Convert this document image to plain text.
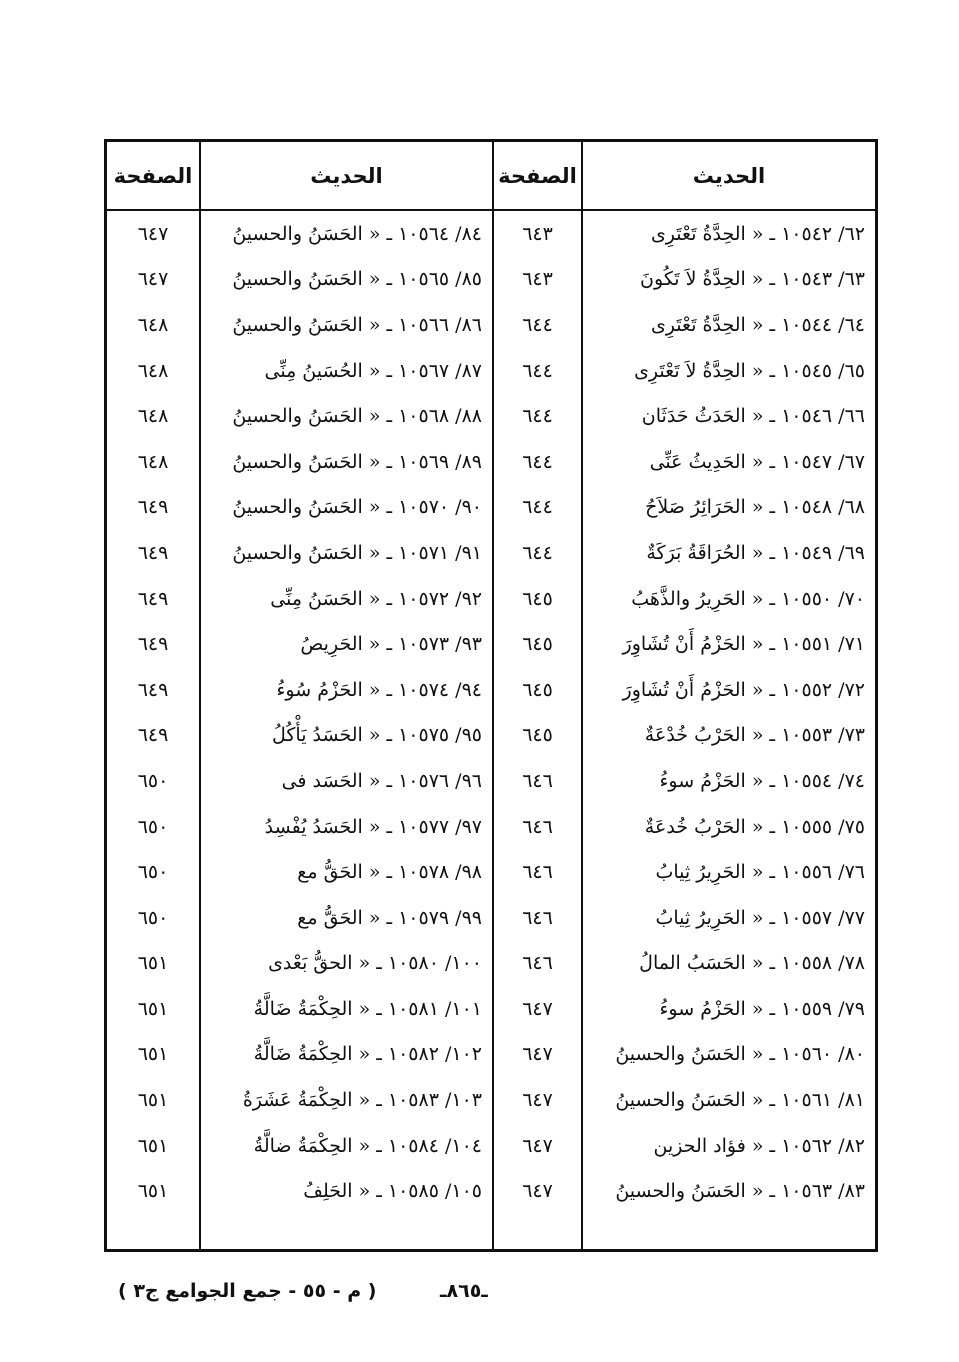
الحديث
الصفحة
الحديث
الصفحة
٦٢/ ١٠٥٤٢ ـ « الحِدَّةُ تَعْتَرِى
٦٤٣
٨٤/ ١٠٥٦٤ ـ « الحَسَنُ والحسينُ
٦٤٧
٦٣/ ١٠٥٤٣ ـ « الحِدَّةُ لاَ تَكُونَ
٦٤٣
٨٥/ ١٠٥٦٥ ـ « الحَسَنُ والحسينُ
٦٤٧
٦٤/ ١٠٥٤٤ ـ « الحِدَّةُ تَعْتَرِى
٦٤٤
٨٦/ ١٠٥٦٦ ـ « الحَسَنُ والحسينُ
٦٤٨
٦٥/ ١٠٥٤٥ ـ « الحِدَّةُ لاَ تَعْتَرِى
٦٤٤
٨٧/ ١٠٥٦٧ ـ « الحُسَينُ مِنِّى
٦٤٨
٦٦/ ١٠٥٤٦ ـ « الحَدَثُ حَدَثَان
٦٤٤
٨٨/ ١٠٥٦٨ ـ « الحَسَنُ والحسينُ
٦٤٨
٦٧/ ١٠٥٤٧ ـ « الحَدِيثُ عَنِّى
٦٤٤
٨٩/ ١٠٥٦٩ ـ « الحَسَنُ والحسينُ
٦٤٨
٦٨/ ١٠٥٤٨ ـ « الحَرَائِرُ صَلاَحُ
٦٤٤
٩٠/ ١٠٥٧٠ ـ « الحَسَنُ والحسينُ
٦٤٩
٦٩/ ١٠٥٤٩ ـ « الحُرَاقَةُ بَرَكَةٌ
٦٤٤
٩١/ ١٠٥٧١ ـ « الحَسَنُ والحسينُ
٦٤٩
٧٠/ ١٠٥٥٠ ـ « الحَرِيرُ والذَّهَبُ
٦٤٥
٩٢/ ١٠٥٧٢ ـ « الحَسَنُ مِنِّى
٦٤٩
٧١/ ١٠٥٥١ ـ « الحَزْمُ أَنْ تُشَاوِرَ
٦٤٥
٩٣/ ١٠٥٧٣ ـ « الحَرِيصُ
٦٤٩
٧٢/ ١٠٥٥٢ ـ « الحَزْمُ أَنْ تُشَاوِرَ
٦٤٥
٩٤/ ١٠٥٧٤ ـ « الحَزْمُ سُوءُ
٦٤٩
٧٣/ ١٠٥٥٣ ـ « الحَرْبُ خُدْعَةٌ
٦٤٥
٩٥/ ١٠٥٧٥ ـ « الحَسَدُ يَأْكُلُ
٦٤٩
٧٤/ ١٠٥٥٤ ـ « الحَزْمُ سوءُ
٦٤٦
٩٦/ ١٠٥٧٦ ـ « الحَسَد فى
٦٥٠
٧٥/ ١٠٥٥٥ ـ « الحَرْبُ خُدعَةٌ
٦٤٦
٩٧/ ١٠٥٧٧ ـ « الحَسَدُ يُفْسِدُ
٦٥٠
٧٦/ ١٠٥٥٦ ـ « الحَرِيرُ ثِيابُ
٦٤٦
٩٨/ ١٠٥٧٨ ـ « الحَقُّ مع
٦٥٠
٧٧/ ١٠٥٥٧ ـ « الحَرِيرُ ثِيابُ
٦٤٦
٩٩/ ١٠٥٧٩ ـ « الحَقُّ مع
٦٥٠
٧٨/ ١٠٥٥٨ ـ « الحَسَبُ المالُ
٦٤٦
١٠٠/ ١٠٥٨٠ ـ « الحقُّ بَعْدى
٦٥١
٧٩/ ١٠٥٥٩ ـ « الحَزْمُ سوءُ
٦٤٧
١٠١/ ١٠٥٨١ ـ « الحِكْمَةُ ضَالَّةُ
٦٥١
٨٠/ ١٠٥٦٠ ـ « الحَسَنُ والحسينُ
٦٤٧
١٠٢/ ١٠٥٨٢ ـ « الحِكْمَةُ ضَالَّةُ
٦٥١
٨١/ ١٠٥٦١ ـ « الحَسَنُ والحسينُ
٦٤٧
١٠٣/ ١٠٥٨٣ ـ « الحِكْمَةُ عَشَرَةُ
٦٥١
٨٢/ ١٠٥٦٢ ـ « فؤاد الحزين
٦٤٧
١٠٤/ ١٠٥٨٤ ـ « الحِكْمَةُ ضالَّةُ
٦٥١
٨٣/ ١٠٥٦٣ ـ « الحَسَنُ والحسينُ
٦٤٧
١٠٥/ ١٠٥٨٥ ـ « الحَلِفُ
٦٥١
ـ٨٦٥ـ
( م - ٥٥ - جمع الجوامع ج٣ )
